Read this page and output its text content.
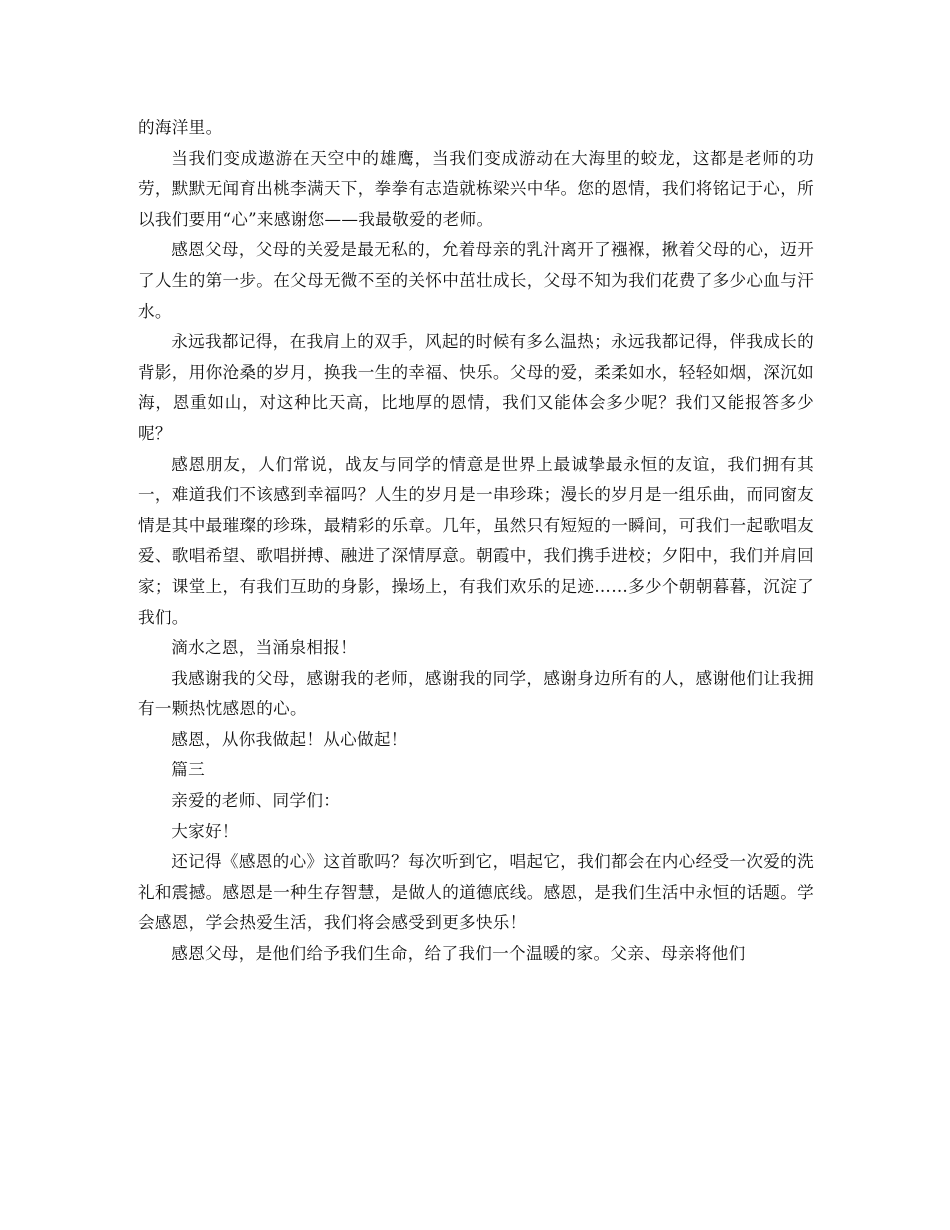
的海洋里。

当我们变成遨游在天空中的雄鹰，当我们变成游动在大海里的蛟龙，这都是老师的功劳，默默无闻育出桃李满天下，拳拳有志造就栋梁兴中华。您的恩情，我们将铭记于心，所以我们要用“心”来感谢您——我最敬爱的老师。

感恩父母，父母的关爱是最无私的，允着母亲的乳汁离开了襁褓，揪着父母的心，迈开了人生的第一步。在父母无微不至的关怀中茁壮成长，父母不知为我们花费了多少心血与汗水。

永远我都记得，在我肩上的双手，风起的时候有多么温热；永远我都记得，伴我成长的背影，用你沧桑的岁月，换我一生的幸福、快乐。父母的爱，柔柔如水，轻轻如烟，深沉如海，恩重如山，对这种比天高，比地厚的恩情，我们又能体会多少呢？我们又能报答多少呢？

感恩朋友，人们常说，战友与同学的情意是世界上最诚挚最永恒的友谊，我们拥有其一，难道我们不该感到幸福吗？人生的岁月是一串珍珠；漫长的岁月是一组乐曲，而同窗友情是其中最璀璨的珍珠，最精彩的乐章。几年，虽然只有短短的一瞬间，可我们一起歌唱友爱、歌唱希望、歌唱拼搏、融进了深情厚意。朝霞中，我们携手进校；夕阳中，我们并肩回家；课堂上，有我们互助的身影，操场上，有我们欢乐的足迹……多少个朝朝暮暮，沉淀了我们。

滴水之恩，当涌泉相报！

我感谢我的父母，感谢我的老师，感谢我的同学，感谢身边所有的人，感谢他们让我拥有一颗热忱感恩的心。

感恩，从你我做起！从心做起！

篇三

亲爱的老师、同学们：

大家好！

还记得《感恩的心》这首歌吗？每次听到它，唱起它，我们都会在内心经受一次爱的洗礼和震撼。感恩是一种生存智慧，是做人的道德底线。感恩，是我们生活中永恒的话题。学会感恩，学会热爱生活，我们将会感受到更多快乐！

感恩父母，是他们给予我们生命，给了我们一个温暖的家。父亲、母亲将他们
